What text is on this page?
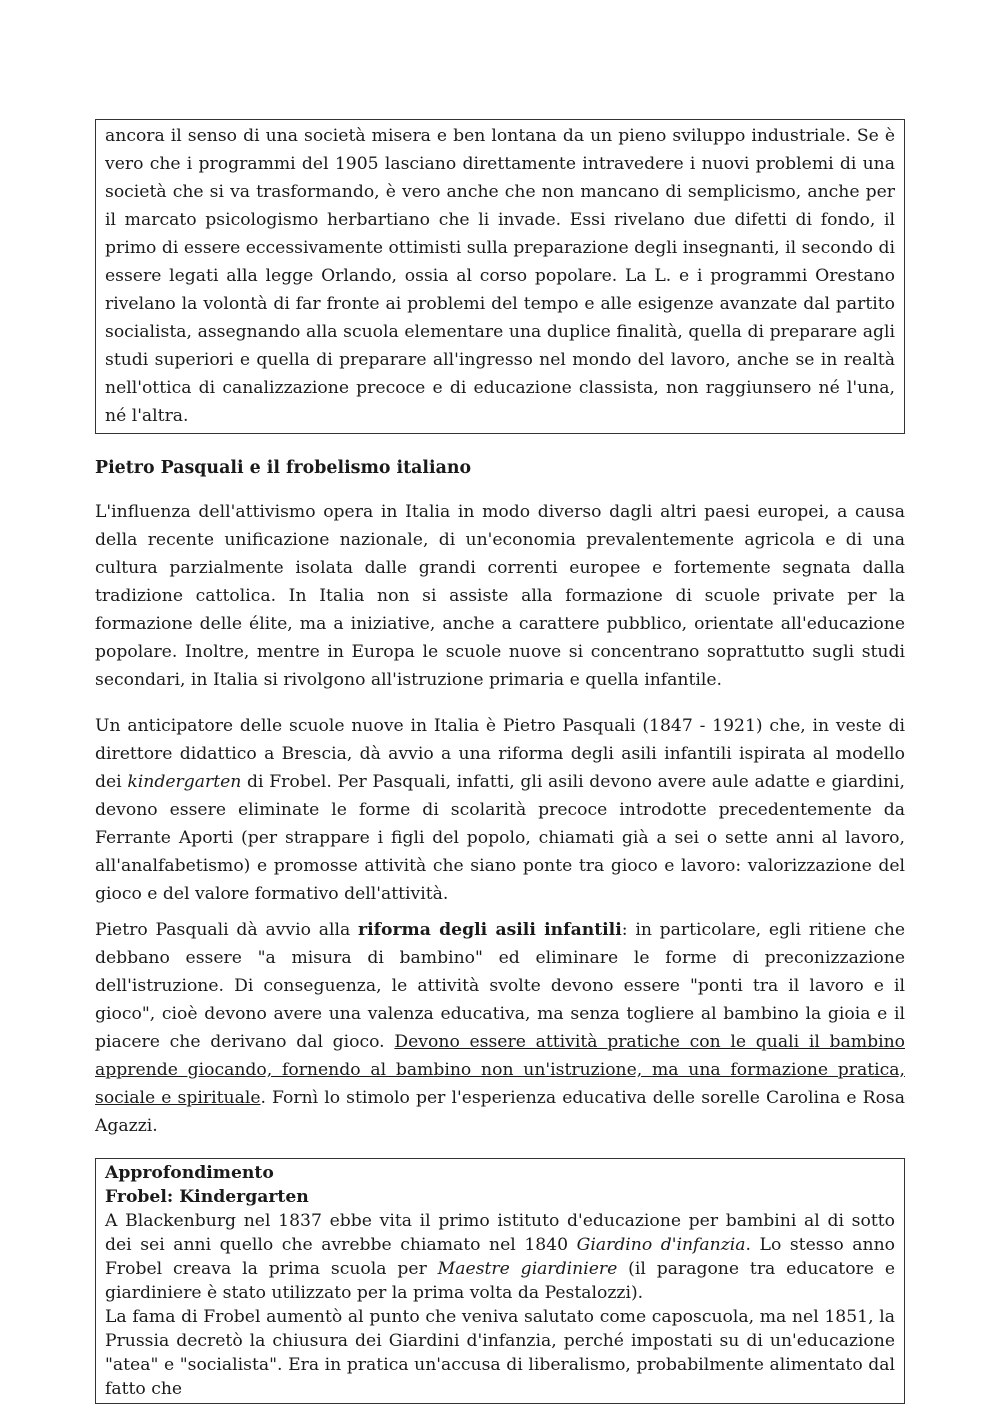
ancora il senso di una società misera e ben lontana da un pieno sviluppo industriale. Se è vero che i programmi del 1905 lasciano direttamente intravedere i nuovi problemi di una società che si va trasformando, è vero anche che non mancano di semplicismo, anche per il marcato psicologismo herbartiano che li invade. Essi rivelano due difetti di fondo, il primo di essere eccessivamente ottimisti sulla preparazione degli insegnanti, il secondo di essere legati alla legge Orlando, ossia al corso popolare. La L. e i programmi Orestano rivelano la volontà di far fronte ai problemi del tempo e alle esigenze avanzate dal partito socialista, assegnando alla scuola elementare una duplice finalità, quella di preparare agli studi superiori e quella di preparare all'ingresso nel mondo del lavoro, anche se in realtà nell'ottica di canalizzazione precoce e di educazione classista, non raggiunsero né l'una, né l'altra.

Pietro Pasquali e il frobelismo italiano

L'influenza dell'attivismo opera in Italia in modo diverso dagli altri paesi europei, a causa della recente unificazione nazionale, di un'economia prevalentemente agricola e di una cultura parzialmente isolata dalle grandi correnti europee e fortemente segnata dalla tradizione cattolica. In Italia non si assiste alla formazione di scuole private per la formazione delle élite, ma a iniziative, anche a carattere pubblico, orientate all'educazione popolare. Inoltre, mentre in Europa le scuole nuove si concentrano soprattutto sugli studi secondari, in Italia si rivolgono all'istruzione primaria e quella infantile.

Un anticipatore delle scuole nuove in Italia è Pietro Pasquali (1847 - 1921) che, in veste di direttore didattico a Brescia, dà avvio a una riforma degli asili infantili ispirata al modello dei kindergarten di Frobel. Per Pasquali, infatti, gli asili devono avere aule adatte e giardini, devono essere eliminate le forme di scolarità precoce introdotte precedentemente da Ferrante Aporti (per strappare i figli del popolo, chiamati già a sei o sette anni al lavoro, all'analfabetismo) e promosse attività che siano ponte tra gioco e lavoro: valorizzazione del gioco e del valore formativo dell'attività.

Pietro Pasquali dà avvio alla riforma degli asili infantili: in particolare, egli ritiene che debbano essere "a misura di bambino" ed eliminare le forme di preconizzazione dell'istruzione. Di conseguenza, le attività svolte devono essere "ponti tra il lavoro e il gioco", cioè devono avere una valenza educativa, ma senza togliere al bambino la gioia e il piacere che derivano dal gioco. Devono essere attività pratiche con le quali il bambino apprende giocando, fornendo al bambino non un'istruzione, ma una formazione pratica, sociale e spirituale. Fornì lo stimolo per l'esperienza educativa delle sorelle Carolina e Rosa Agazzi.

Approfondimento
Frobel: Kindergarten

A Blackenburg nel 1837 ebbe vita il primo istituto d'educazione per bambini al di sotto dei sei anni quello che avrebbe chiamato nel 1840 Giardino d'infanzia. Lo stesso anno Frobel creava la prima scuola per Maestre giardiniere (il paragone tra educatore e giardiniere è stato utilizzato per la prima volta da Pestalozzi).

La fama di Frobel aumentò al punto che veniva salutato come caposcuola, ma nel 1851, la Prussia decretò la chiusura dei Giardini d'infanzia, perché impostati su di un'educazione "atea" e "socialista". Era in pratica un'accusa di liberalismo, probabilmente alimentato dal fatto che
